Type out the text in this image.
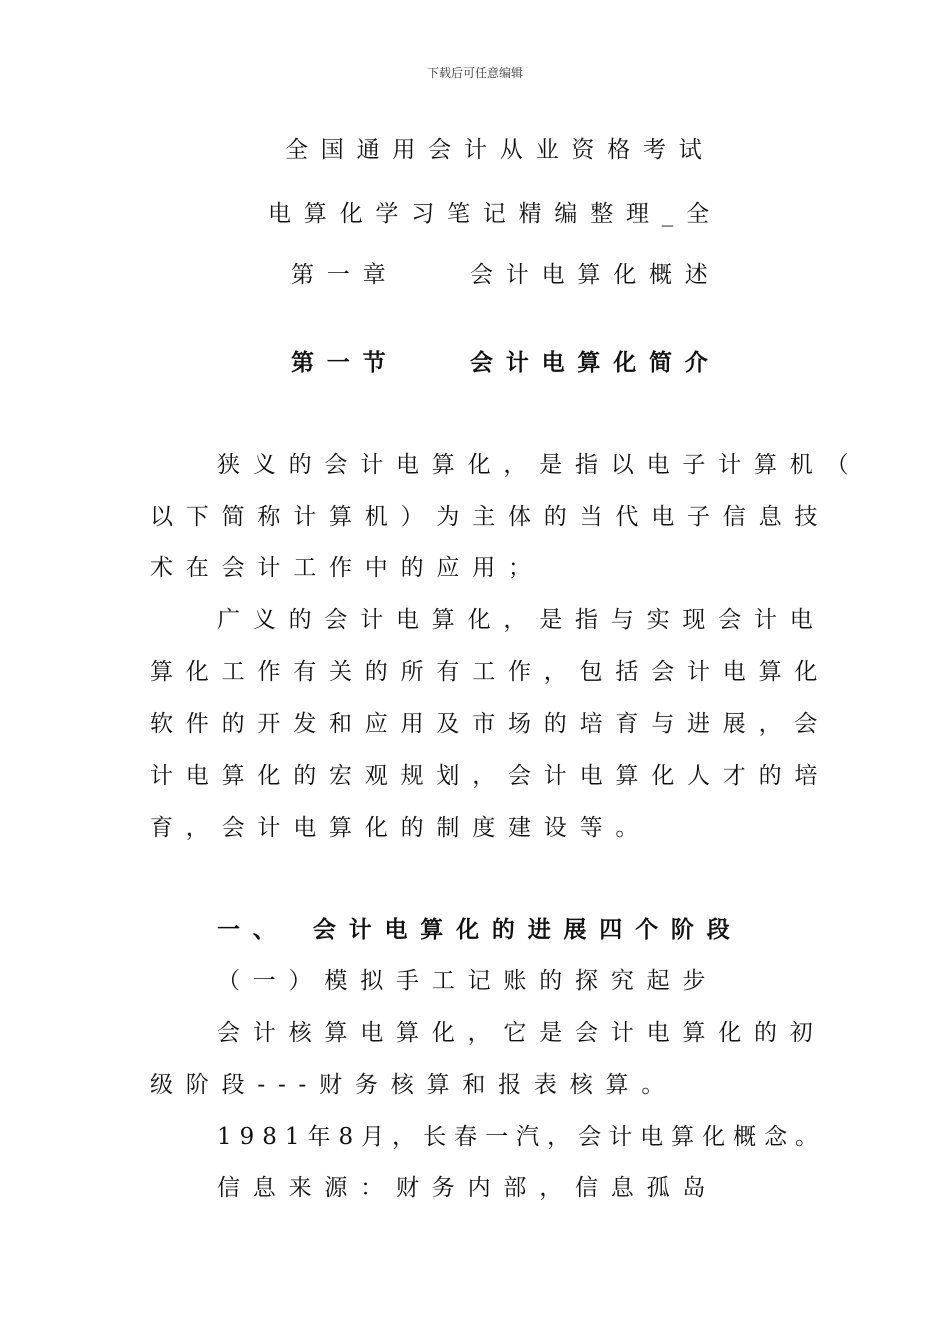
下载后可任意编辑
全国通用会计从业资格考试
电算化学习笔记精编整理_全
第一章　　会计电算化概述
第一节　　会计电算化简介
狭义的会计电算化，是指以电子计算机（
以下简称计算机）为主体的当代电子信息技
术在会计工作中的应用；
广义的会计电算化，是指与实现会计电
算化工作有关的所有工作，包括会计电算化
软件的开发和应用及市场的培育与进展，会
计电算化的宏观规划，会计电算化人才的培
育，会计电算化的制度建设等。
一、　会计电算化的进展四个阶段
（一）模拟手工记账的探究起步
会计核算电算化，它是会计电算化的初
级阶段---财务核算和报表核算。
1981年8月，长春一汽，会计电算化概念。
信息来源：财务内部，信息孤岛
